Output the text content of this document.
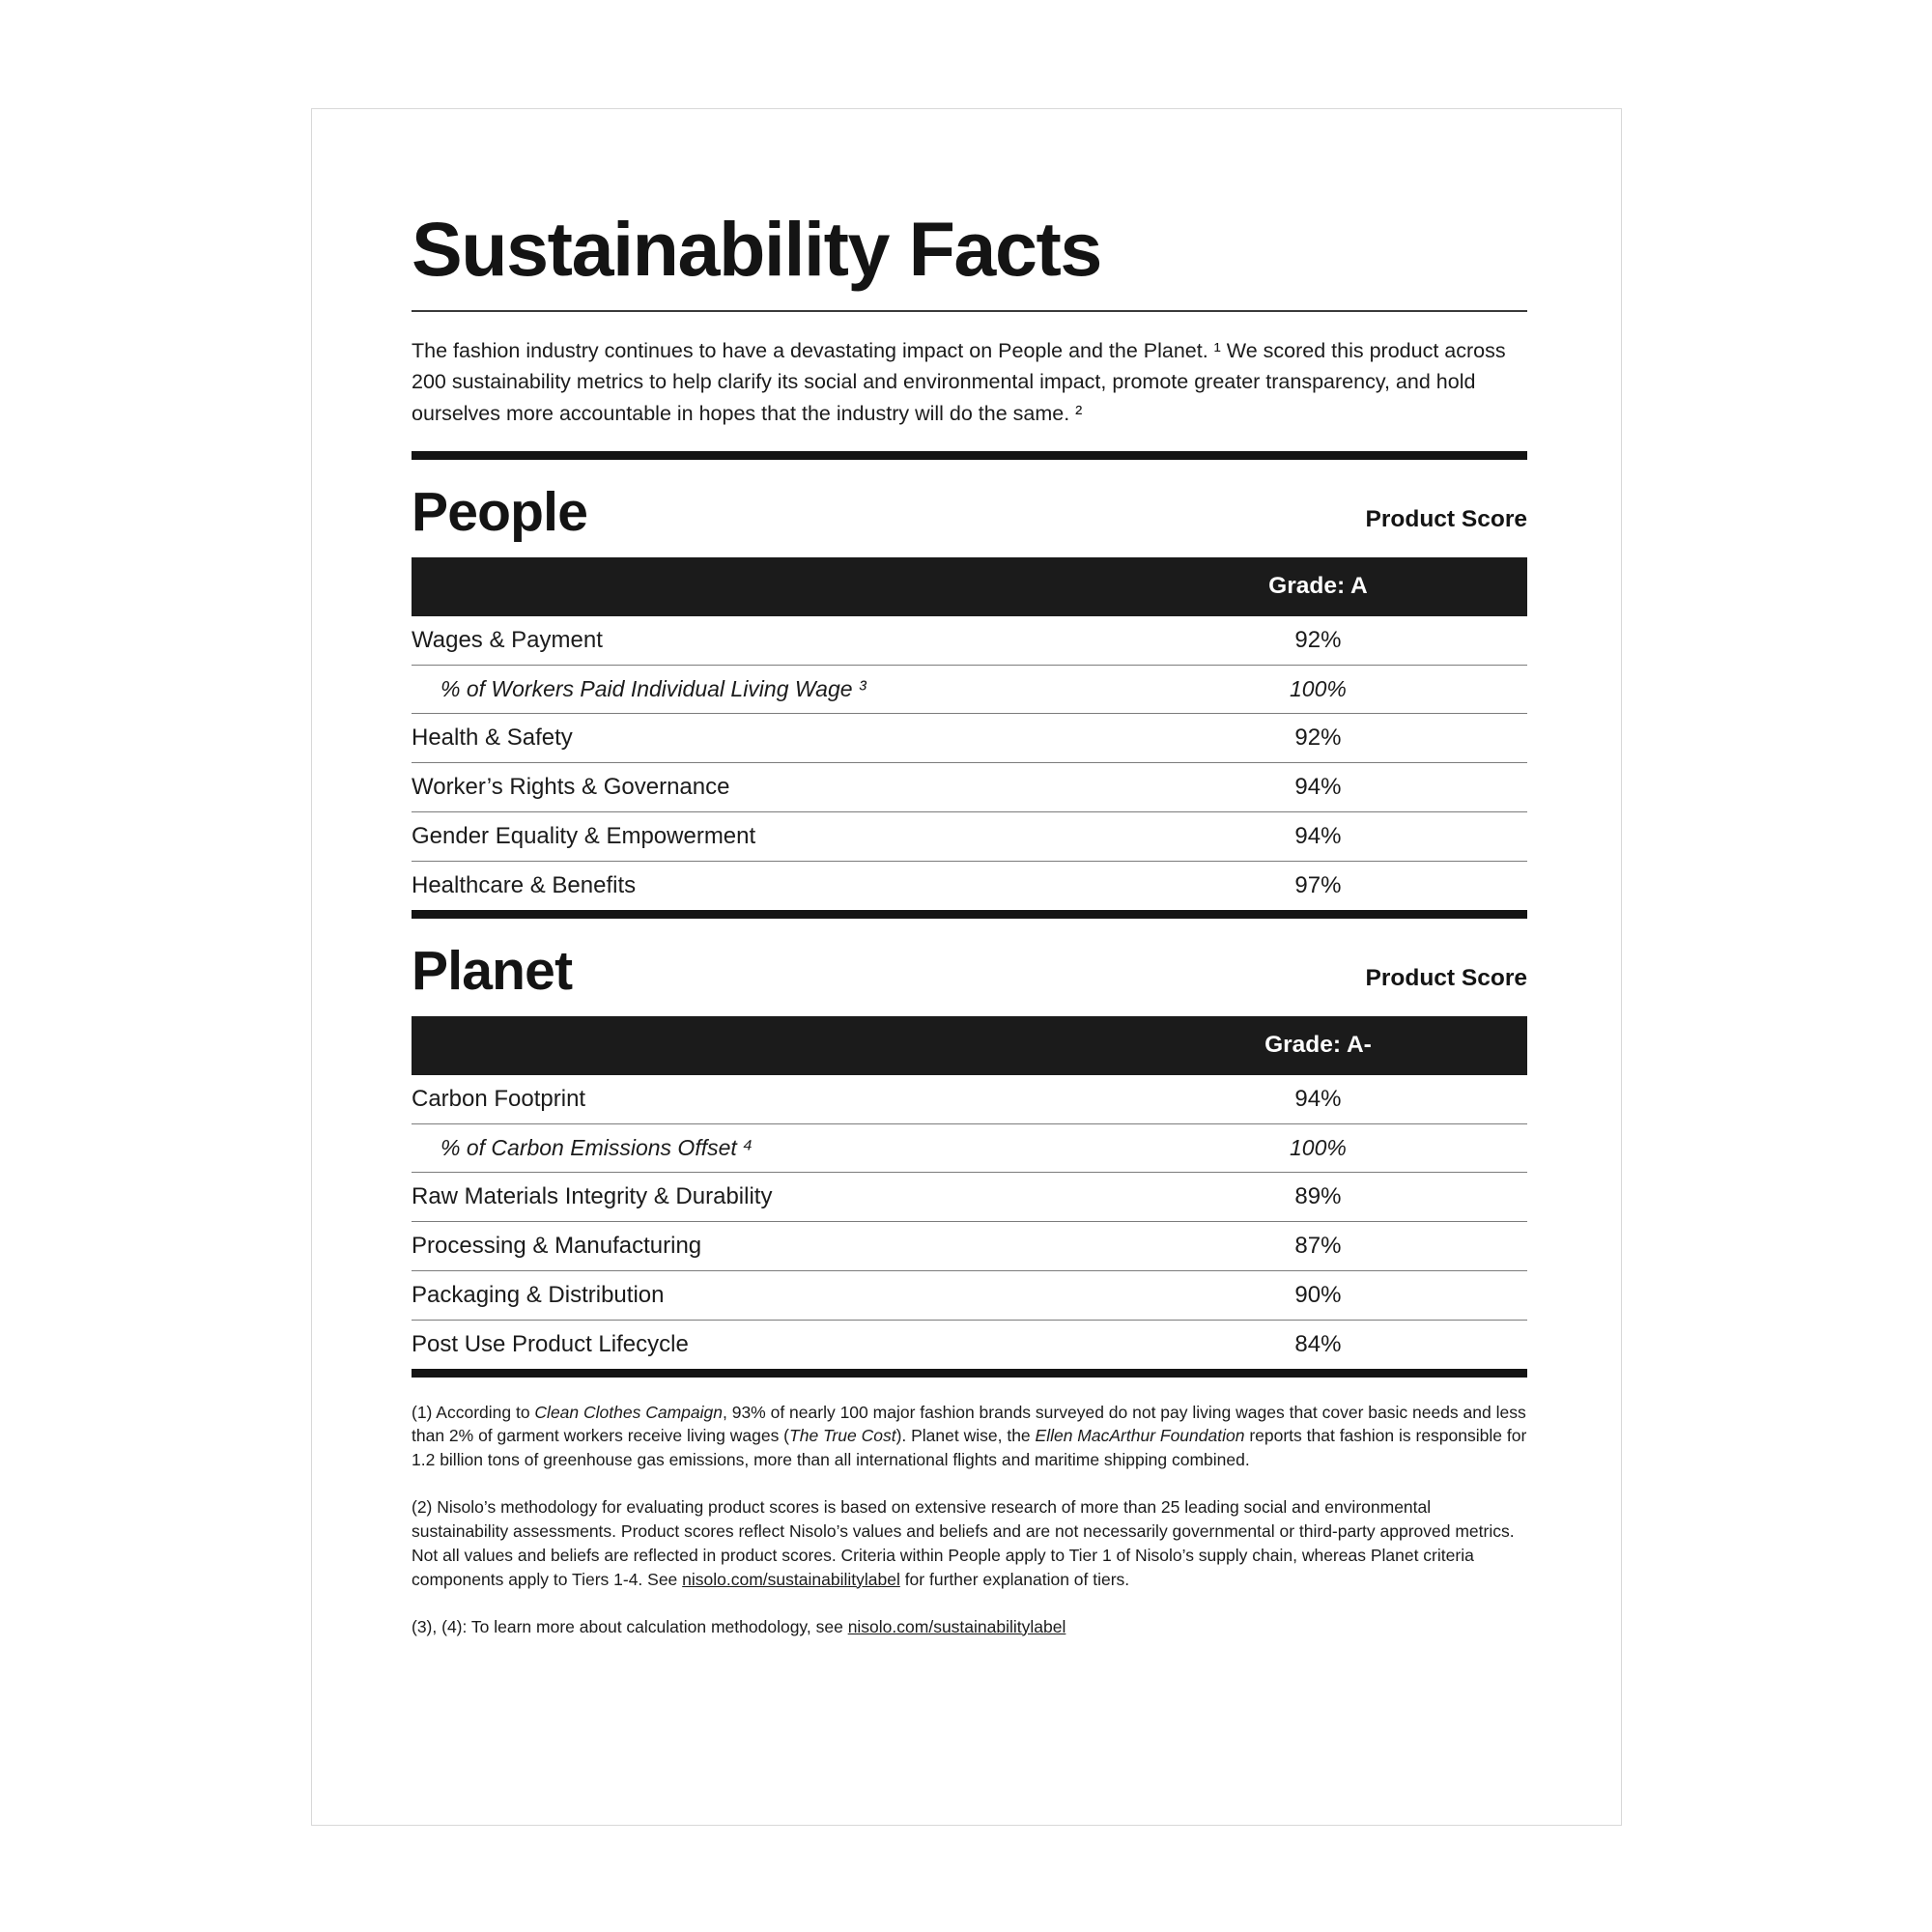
Sustainability Facts

The fashion industry continues to have a devastating impact on People and the Planet. ¹ We scored this product across 200 sustainability metrics to help clarify its social and environmental impact, promote greater transparency, and hold ourselves more accountable in hopes that the industry will do the same. ²

People	Product Score
	Grade: A
Wages & Payment	92%
% of Workers Paid Individual Living Wage ³	100%
Health & Safety	92%
Worker’s Rights & Governance	94%
Gender Equality & Empowerment	94%
Healthcare & Benefits	97%
Planet	Product Score
	Grade: A-
Carbon Footprint	94%
% of Carbon Emissions Offset ⁴	100%
Raw Materials Integrity & Durability	89%
Processing & Manufacturing	87%
Packaging & Distribution	90%
Post Use Product Lifecycle	84%

(1) According to Clean Clothes Campaign, 93% of nearly 100 major fashion brands surveyed do not pay living wages that cover basic needs and less than 2% of garment workers receive living wages (The True Cost). Planet wise, the Ellen MacArthur Foundation reports that fashion is responsible for 1.2 billion tons of greenhouse gas emissions, more than all international flights and maritime shipping combined.

(2) Nisolo’s methodology for evaluating product scores is based on extensive research of more than 25 leading social and environmental sustainability assessments. Product scores reflect Nisolo’s values and beliefs and are not necessarily governmental or third-party approved metrics. Not all values and beliefs are reflected in product scores. Criteria within People apply to Tier 1 of Nisolo’s supply chain, whereas Planet criteria components apply to Tiers 1-4. See nisolo.com/sustainabilitylabel for further explanation of tiers.

(3), (4): To learn more about calculation methodology, see nisolo.com/sustainabilitylabel
